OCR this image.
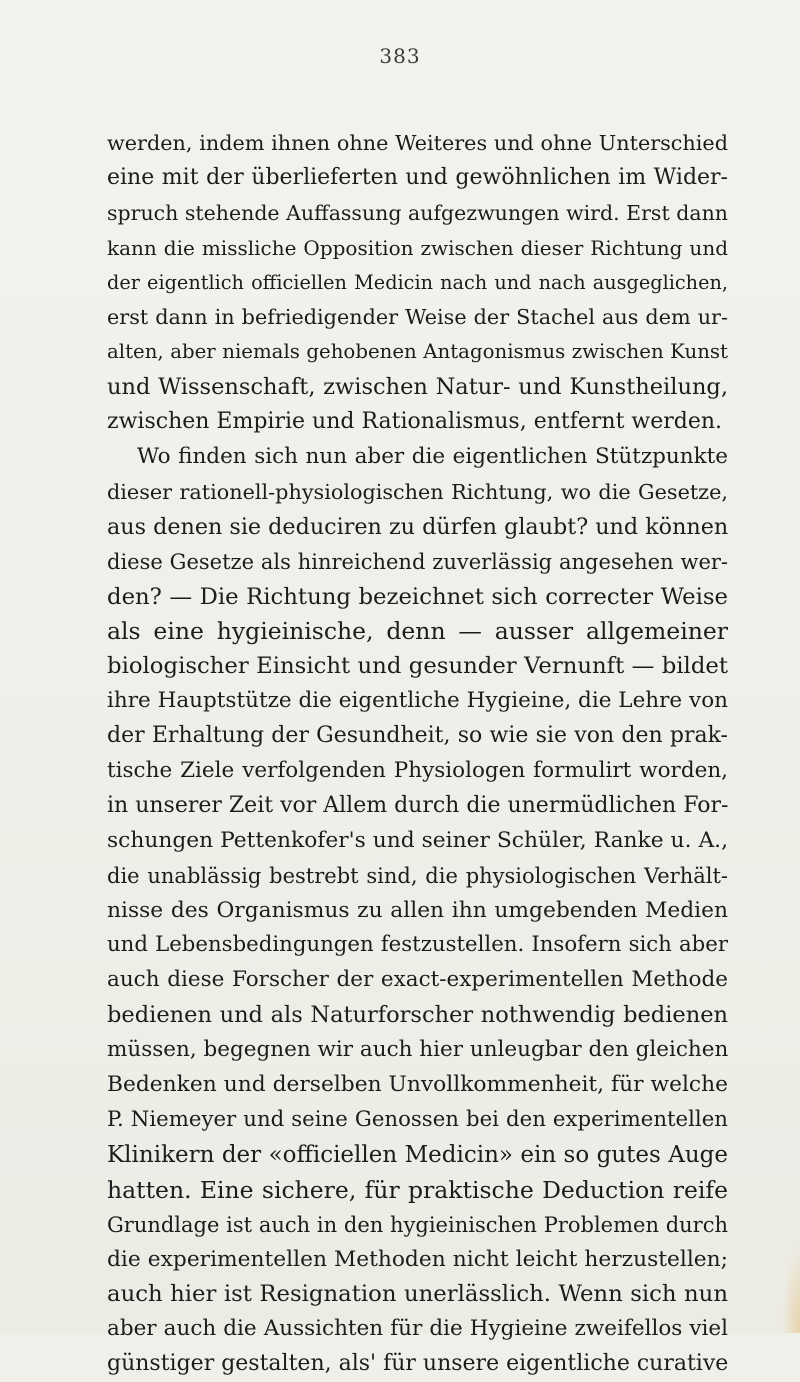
383
werden, indem ihnen ohne Weiteres und ohne Unterschied
eine mit der überlieferten und gewöhnlichen im Wider-
spruch stehende Auffassung aufgezwungen wird. Erst dann
kann die missliche Opposition zwischen dieser Richtung und
der eigentlich officiellen Medicin nach und nach ausgeglichen,
erst dann in befriedigender Weise der Stachel aus dem ur-
alten, aber niemals gehobenen Antagonismus zwischen Kunst
und Wissenschaft, zwischen Natur- und Kunstheilung,
zwischen Empirie und Rationalismus, entfernt werden.
Wo finden sich nun aber die eigentlichen Stützpunkte
dieser rationell-physiologischen Richtung, wo die Gesetze,
aus denen sie deduciren zu dürfen glaubt? und können
diese Gesetze als hinreichend zuverlässig angesehen wer-
den? — Die Richtung bezeichnet sich correcter Weise
als eine hygieinische, denn — ausser allgemeiner
biologischer Einsicht und gesunder Vernunft — bildet
ihre Hauptstütze die eigentliche Hygieine, die Lehre von
der Erhaltung der Gesundheit, so wie sie von den prak-
tische Ziele verfolgenden Physiologen formulirt worden,
in unserer Zeit vor Allem durch die unermüdlichen For-
schungen Pettenkofer's und seiner Schüler, Ranke u. A.,
die unablässig bestrebt sind, die physiologischen Verhält-
nisse des Organismus zu allen ihn umgebenden Medien
und Lebensbedingungen festzustellen. Insofern sich aber
auch diese Forscher der exact-experimentellen Methode
bedienen und als Naturforscher nothwendig bedienen
müssen, begegnen wir auch hier unleugbar den gleichen
Bedenken und derselben Unvollkommenheit, für welche
P. Niemeyer und seine Genossen bei den experimentellen
Klinikern der «officiellen Medicin» ein so gutes Auge
hatten. Eine sichere, für praktische Deduction reife
Grundlage ist auch in den hygieinischen Problemen durch
die experimentellen Methoden nicht leicht herzustellen;
auch hier ist Resignation unerlässlich. Wenn sich nun
aber auch die Aussichten für die Hygieine zweifellos viel
günstiger gestalten, als' für unsere eigentliche curative
